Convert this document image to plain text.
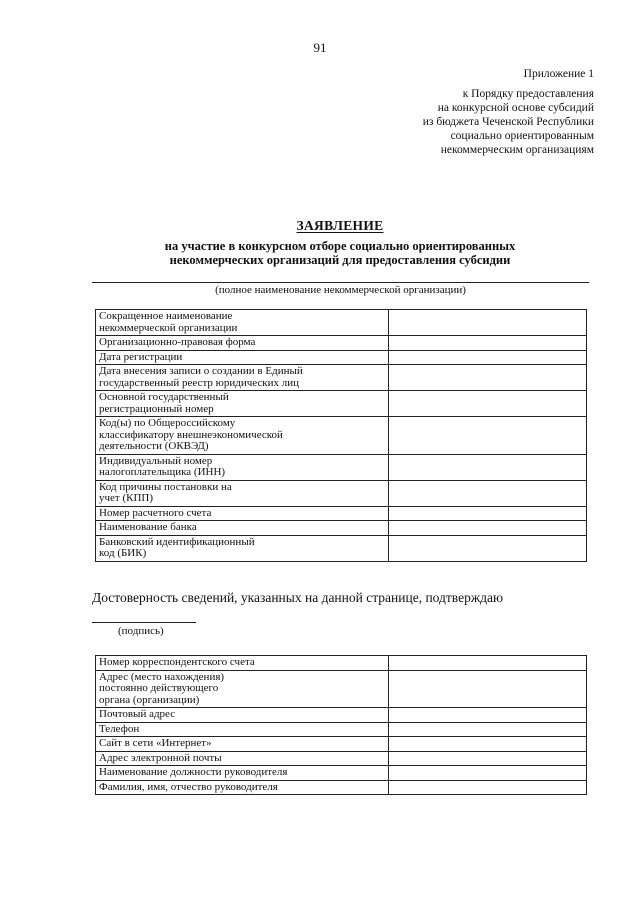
91
Приложение 1
к Порядку предоставления
на конкурсной основе субсидий
из бюджета Чеченской Республики
социально ориентированным
некоммерческим организациям
ЗАЯВЛЕНИЕ
на участие в конкурсном отборе социально ориентированных
некоммерческих организаций для предоставления субсидии
(полное наименование некоммерческой организации)
Сокращенное наименование
некоммерческой организации	

Организационно-правовая форма	

Дата регистрации	

Дата внесения записи о создании в Единый
государственный реестр юридических лиц	

Основной государственный
регистрационный номер	

Код(ы) по Общероссийскому
классификатору внешнеэкономической
деятельности (ОКВЭД)	

Индивидуальный номер
налогоплательщика (ИНН)	

Код причины постановки на
учет (КПП)	

Номер расчетного счета	

Наименование банка	

Банковский идентификационный
код (БИК)	

Достоверность сведений, указанных на данной странице, подтверждаю
(подпись)
Номер корреспондентского счета	

Адрес (место нахождения)
постоянно действующего
органа (организации)	

Почтовый адрес	

Телефон	

Сайт в сети «Интернет»	

Адрес электронной почты	

Наименование должности руководителя	

Фамилия, имя, отчество руководителя	
